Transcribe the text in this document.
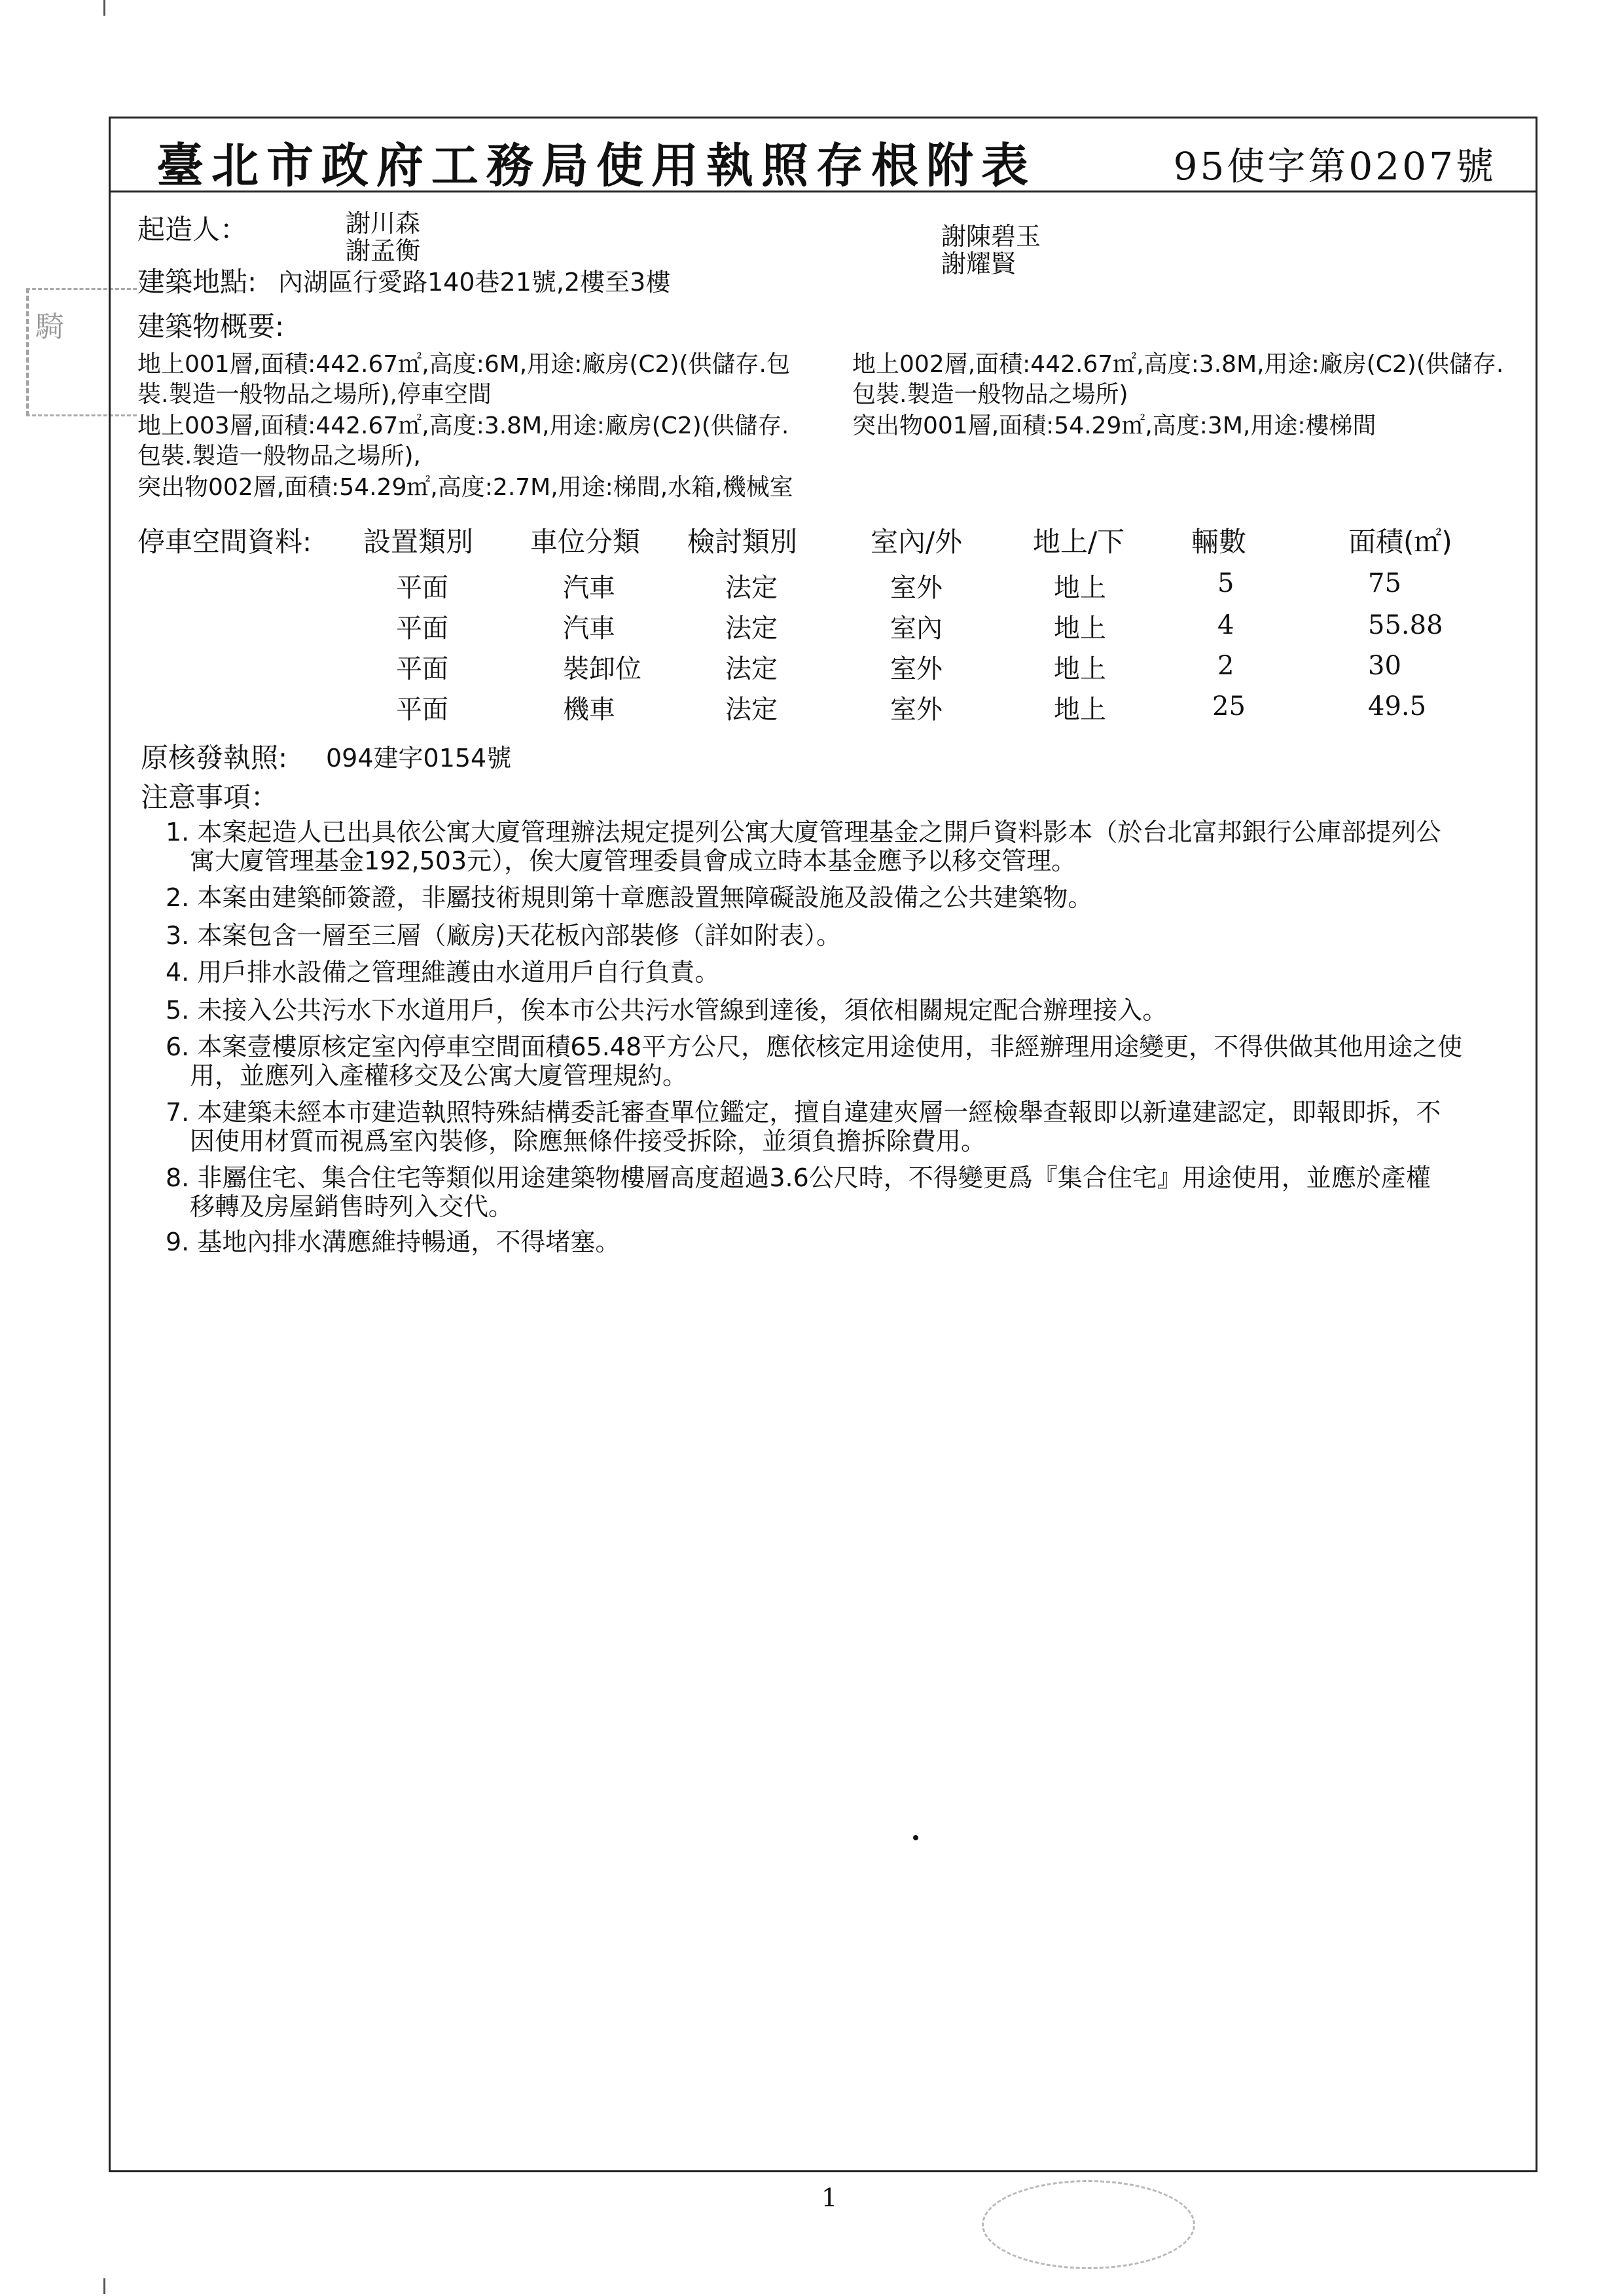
騎
臺北市政府工務局使用執照存根附表	95使字第0207號
起造人：	謝川森
謝孟衡	謝陳碧玉
謝耀賢
建築地點: 內湖區行愛路140巷21號,2樓至3樓
建築物概要:
地上001層,面積:442.67㎡,高度:6M,用途:廠房(C2)(供儲存.包
裝.製造一般物品之場所),停車空間
地上003層,面積:442.67㎡,高度:3.8M,用途:廠房(C2)(供儲存.
包裝.製造一般物品之場所),
突出物002層,面積:54.29㎡,高度:2.7M,用途:梯間,水箱,機械室
地上002層,面積:442.67㎡,高度:3.8M,用途:廠房(C2)(供儲存.
包裝.製造一般物品之場所)
突出物001層,面積:54.29㎡,高度:3M,用途:樓梯間
停車空間資料: 設置類別 車位分類 檢討類別	室內/外	地上/下 輛數	面積(㎡)
平面	汽車	法定	室外	地上	5	75
平面	汽車	法定	室內	地上	4	55.88
平面	裝卸位	法定	室外	地上	2	30
平面	機車	法定	室外	地上	25	49.5
原核發執照: 094建字0154號
注意事項：
1. 本案起造人已出具依公寓大廈管理辦法規定提列公寓大廈管理基金之開戶資料影本（於台北富邦銀行公庫部提列公
寓大廈管理基金192,503元），俟大廈管理委員會成立時本基金應予以移交管理。
2. 本案由建築師簽證，非屬技術規則第十章應設置無障礙設施及設備之公共建築物。
3. 本案包含一層至三層（廠房)天花板內部裝修（詳如附表）。
4. 用戶排水設備之管理維護由水道用戶自行負責。
5. 未接入公共污水下水道用戶，俟本市公共污水管線到達後，須依相關規定配合辦理接入。
6. 本案壹樓原核定室內停車空間面積65.48平方公尺，應依核定用途使用，非經辦理用途變更，不得供做其他用途之使
用，並應列入產權移交及公寓大廈管理規約。
7. 本建築未經本市建造執照特殊結構委託審查單位鑑定，擅自違建夾層一經檢舉查報即以新違建認定，即報即拆，不
因使用材質而視爲室內裝修，除應無條件接受拆除，並須負擔拆除費用。
8. 非屬住宅、集合住宅等類似用途建築物樓層高度超過3.6公尺時，不得變更爲『集合住宅』用途使用，並應於產權
移轉及房屋銷售時列入交代。
9. 基地內排水溝應維持暢通，不得堵塞。
1
